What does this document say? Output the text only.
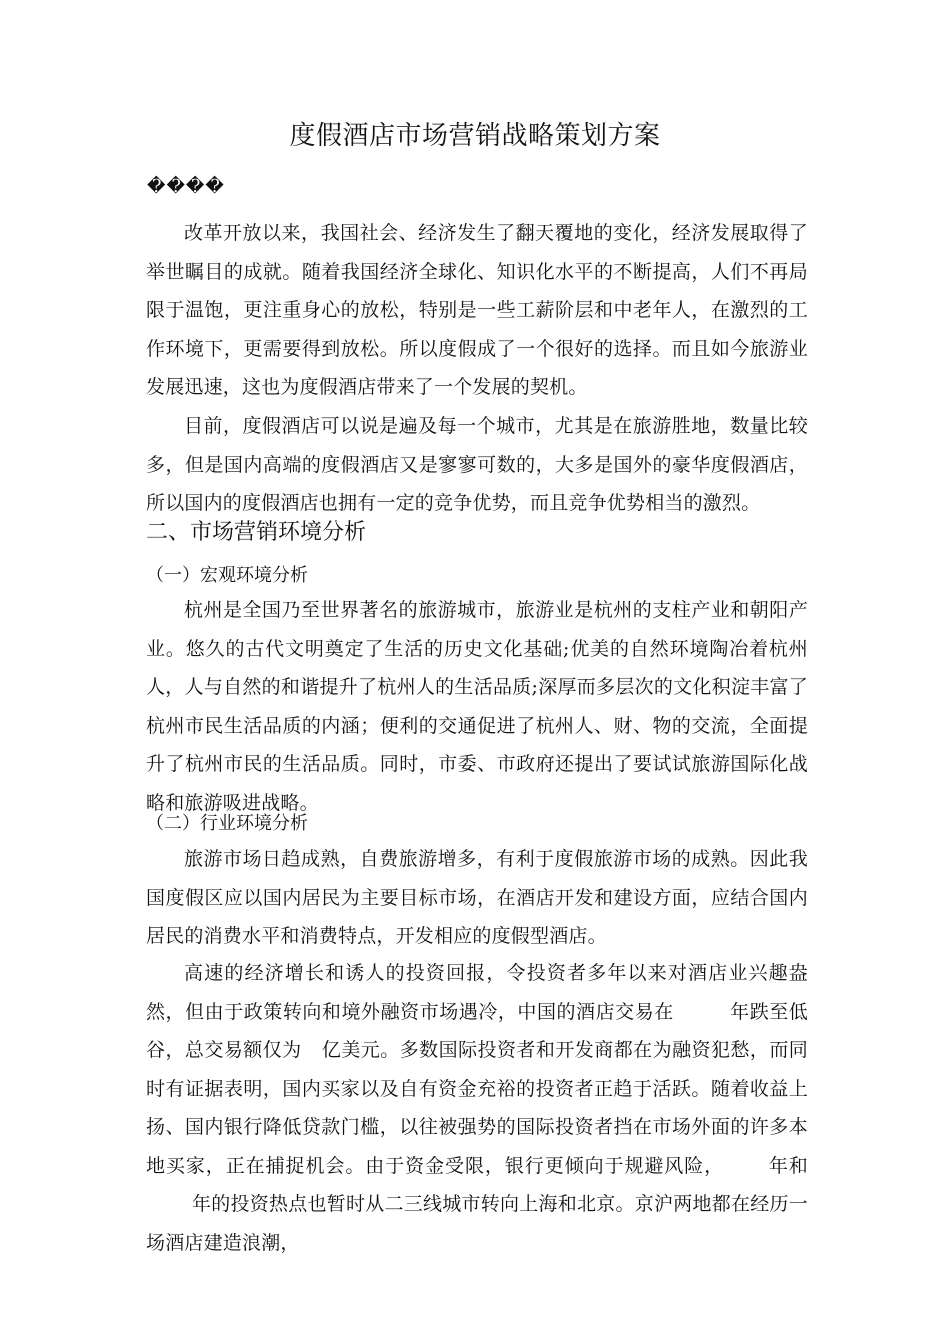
度假酒店市场营销战略策划方案
����

改革开放以来，我国社会、经济发生了翻天覆地的变化，经济发展取得了举世瞩目的成就。随着我国经济全球化、知识化水平的不断提高，人们不再局限于温饱，更注重身心的放松，特别是一些工薪阶层和中老年人，在激烈的工作环境下，更需要得到放松。所以度假成了一个很好的选择。而且如今旅游业发展迅速，这也为度假酒店带来了一个发展的契机。

目前，度假酒店可以说是遍及每一个城市，尤其是在旅游胜地，数量比较多，但是国内高端的度假酒店又是寥寥可数的，大多是国外的豪华度假酒店，所以国内的度假酒店也拥有一定的竞争优势，而且竞争优势相当的激烈。

二、市场营销环境分析
（一）宏观环境分析

杭州是全国乃至世界著名的旅游城市，旅游业是杭州的支柱产业和朝阳产业。悠久的古代文明奠定了生活的历史文化基础;优美的自然环境陶冶着杭州人，人与自然的和谐提升了杭州人的生活品质;深厚而多层次的文化积淀丰富了杭州市民生活品质的内涵；便利的交通促进了杭州人、财、物的交流，全面提升了杭州市民的生活品质。同时，市委、市政府还提出了要试试旅游国际化战略和旅游吸进战略。

（二）行业环境分析

旅游市场日趋成熟，自费旅游增多，有利于度假旅游市场的成熟。因此我国度假区应以国内居民为主要目标市场，在酒店开发和建设方面，应结合国内居民的消费水平和消费特点，开发相应的度假型酒店。

高速的经济增长和诱人的投资回报，令投资者多年以来对酒店业兴趣盎然，但由于政策转向和境外融资市场遇冷，中国的酒店交易在	年跌至低谷，总交易额仅为 亿美元。多数国际投资者和开发商都在为融资犯愁，而同时有证据表明，国内买家以及自有资金充裕的投资者正趋于活跃。随着收益上扬、国内银行降低贷款门槛，以往被强势的国际投资者挡在市场外面的许多本地买家，正在捕捉机会。由于资金受限，银行更倾向于规避风险， 年和年的投资热点也暂时从二三线城市转向上海和北京。京沪两地都在经历一场酒店建造浪潮，
